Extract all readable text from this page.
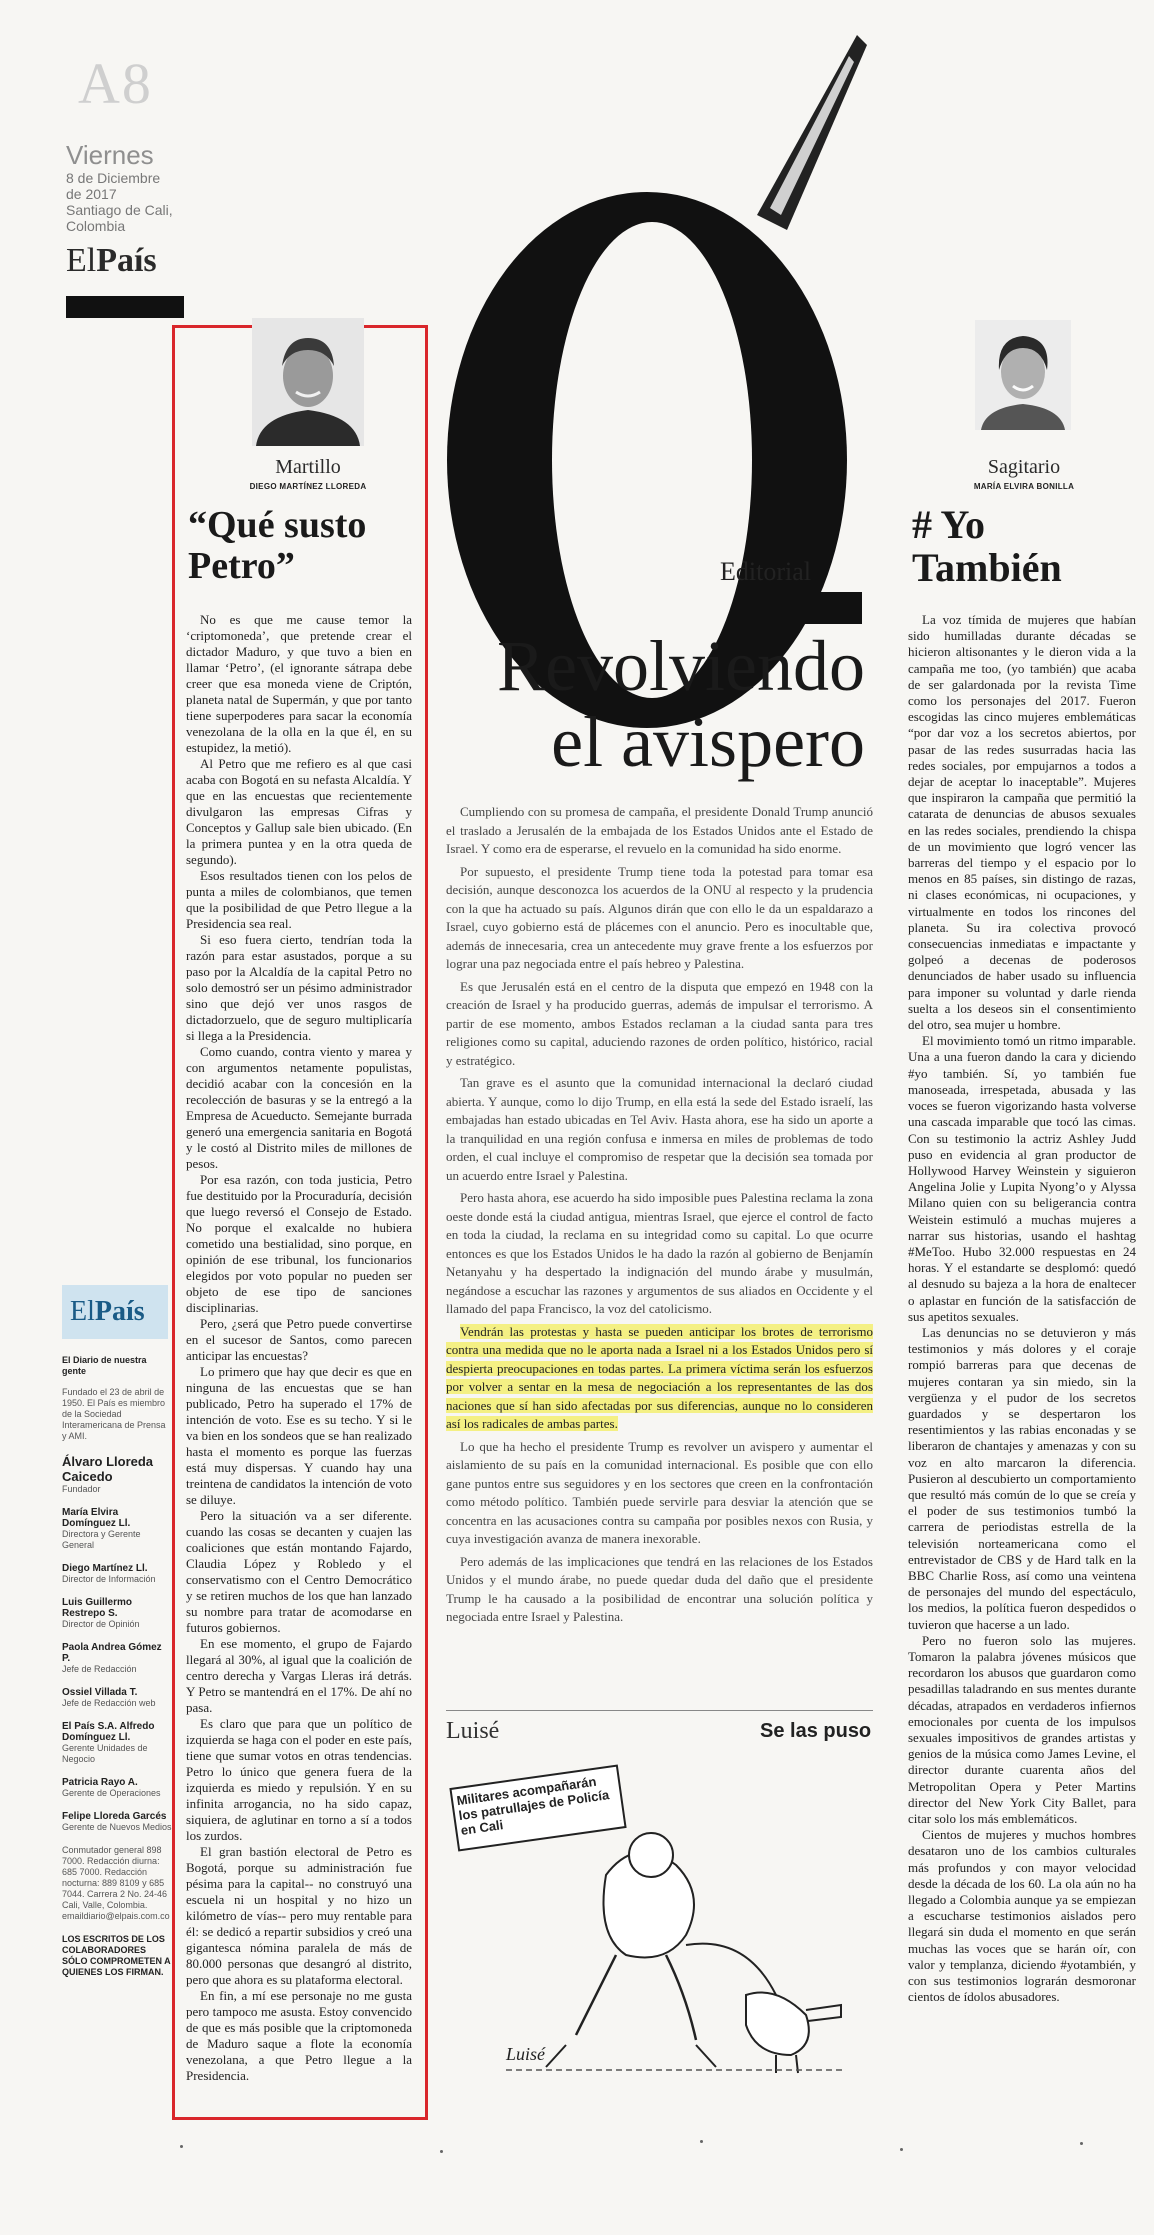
A8
Viernes
8 de Diciembre
de 2017
Santiago de Cali,
Colombia
ElPaís
ElPaís
El Diario de nuestra gente
Fundado el 23 de abril de 1950. El País es miembro de la Sociedad Interamericana de Prensa y AMI.
Álvaro Lloreda Caicedo
Fundador
María Elvira Domínguez Ll.
Directora y Gerente General
Diego Martínez Ll.
Director de Información
Luis Guillermo Restrepo S.
Director de Opinión
Paola Andrea Gómez P.
Jefe de Redacción
Ossiel Villada T.
Jefe de Redacción web
El País S.A. Alfredo Domínguez Ll.
Gerente Unidades de Negocio
Patricia Rayo A.
Gerente de Operaciones
Felipe Lloreda Garcés
Gerente de Nuevos Medios
Conmutador general 898 7000. Redacción diurna: 685 7000. Redacción nocturna: 889 8109 y 685 7044. Carrera 2 No. 24-46 Cali, Valle, Colombia. emaildiario@elpais.com.co
LOS ESCRITOS DE LOS COLABORADORES SÓLO COMPROMETEN A QUIENES LOS FIRMAN.
Martillo
DIEGO MARTÍNEZ LLOREDA
“Qué susto Petro”

No es que me cause temor la ‘criptomoneda’, que pretende crear el dictador Maduro, y que tuvo a bien en llamar ‘Petro’, (el ignorante sátrapa debe creer que esa moneda viene de Criptón, planeta natal de Supermán, y que por tanto tiene superpoderes para sacar la economía venezolana de la olla en la que él, en su estupidez, la metió).

Al Petro que me refiero es al que casi acaba con Bogotá en su nefasta Alcaldía. Y que en las encuestas que recientemente divulgaron las empresas Cifras y Conceptos y Gallup sale bien ubicado. (En la primera puntea y en la otra queda de segundo).

Esos resultados tienen con los pelos de punta a miles de colombianos, que temen que la posibilidad de que Petro llegue a la Presidencia sea real.

Si eso fuera cierto, tendrían toda la razón para estar asustados, porque a su paso por la Alcaldía de la capital Petro no solo demostró ser un pésimo administrador sino que dejó ver unos rasgos de dictadorzuelo, que de seguro multiplicaría si llega a la Presidencia.

Como cuando, contra viento y marea y con argumentos netamente populistas, decidió acabar con la concesión en la recolección de basuras y se la entregó a la Empresa de Acueducto. Semejante burrada generó una emergencia sanitaria en Bogotá y le costó al Distrito miles de millones de pesos.

Por esa razón, con toda justicia, Petro fue destituido por la Procuraduría, decisión que luego reversó el Consejo de Estado. No porque el exalcalde no hubiera cometido una bestialidad, sino porque, en opinión de ese tribunal, los funcionarios elegidos por voto popular no pueden ser objeto de ese tipo de sanciones disciplinarias.

Pero, ¿será que Petro puede convertirse en el sucesor de Santos, como parecen anticipar las encuestas?

Lo primero que hay que decir es que en ninguna de las encuestas que se han publicado, Petro ha superado el 17% de intención de voto. Ese es su techo. Y si le va bien en los sondeos que se han realizado hasta el momento es porque las fuerzas está muy dispersas. Y cuando hay una treintena de candidatos la intención de voto se diluye.

Pero la situación va a ser diferente. cuando las cosas se decanten y cuajen las coaliciones que están montando Fajardo, Claudia López y Robledo y el conservatismo con el Centro Democrático y se retiren muchos de los que han lanzado su nombre para tratar de acomodarse en futuros gobiernos.

En ese momento, el grupo de Fajardo llegará al 30%, al igual que la coalición de centro derecha y Vargas Lleras irá detrás. Y Petro se mantendrá en el 17%. De ahí no pasa.

Es claro que para que un político de izquierda se haga con el poder en este país, tiene que sumar votos en otras tendencias. Petro lo único que genera fuera de la izquierda es miedo y repulsión. Y en su infinita arrogancia, no ha sido capaz, siquiera, de aglutinar en torno a sí a todos los zurdos.

El gran bastión electoral de Petro es Bogotá, porque su administración fue pésima para la capital-- no construyó una escuela ni un hospital y no hizo un kilómetro de vías-- pero muy rentable para él: se dedicó a repartir subsidios y creó una gigantesca nómina paralela de más de 80.000 personas que desangró al distrito, pero que ahora es su plataforma electoral.

En fin, a mí ese personaje no me gusta pero tampoco me asusta. Estoy convencido de que es más posible que la criptomoneda de Maduro saque a flote la economía venezolana, a que Petro llegue a la Presidencia.

Editorial
Revolviendo
el avispero

Cumpliendo con su promesa de campaña, el presidente Donald Trump anunció el traslado a Jerusalén de la embajada de los Estados Unidos ante el Estado de Israel. Y como era de esperarse, el revuelo en la comunidad ha sido enorme.

Por supuesto, el presidente Trump tiene toda la potestad para tomar esa decisión, aunque desconozca los acuerdos de la ONU al respecto y la prudencia con la que ha actuado su país. Algunos dirán que con ello le da un espaldarazo a Israel, cuyo gobierno está de plácemes con el anuncio. Pero es inocultable que, además de innecesaria, crea un antecedente muy grave frente a los esfuerzos por lograr una paz negociada entre el país hebreo y Palestina.

Es que Jerusalén está en el centro de la disputa que empezó en 1948 con la creación de Israel y ha producido guerras, además de impulsar el terrorismo. A partir de ese momento, ambos Estados reclaman a la ciudad santa para tres religiones como su capital, aduciendo razones de orden político, histórico, racial y estratégico.

Tan grave es el asunto que la comunidad internacional la declaró ciudad abierta. Y aunque, como lo dijo Trump, en ella está la sede del Estado israelí, las embajadas han estado ubicadas en Tel Aviv. Hasta ahora, ese ha sido un aporte a la tranquilidad en una región confusa e inmersa en miles de problemas de todo orden, el cual incluye el compromiso de respetar que la decisión sea tomada por un acuerdo entre Israel y Palestina.

Pero hasta ahora, ese acuerdo ha sido imposible pues Palestina reclama la zona oeste donde está la ciudad antigua, mientras Israel, que ejerce el control de facto en toda la ciudad, la reclama en su integridad como su capital. Lo que ocurre entonces es que los Estados Unidos le ha dado la razón al gobierno de Benjamín Netanyahu y ha despertado la indignación del mundo árabe y musulmán, negándose a escuchar las razones y argumentos de sus aliados en Occidente y el llamado del papa Francisco, la voz del catolicismo.

Vendrán las protestas y hasta se pueden anticipar los brotes de terrorismo contra una medida que no le aporta nada a Israel ni a los Estados Unidos pero sí despierta preocupaciones en todas partes. La primera víctima serán los esfuerzos por volver a sentar en la mesa de negociación a los representantes de las dos naciones que sí han sido afectadas por sus diferencias, aunque no lo consideren así los radicales de ambas partes.

Lo que ha hecho el presidente Trump es revolver un avispero y aumentar el aislamiento de su país en la comunidad internacional. Es posible que con ello gane puntos entre sus seguidores y en los sectores que creen en la confrontación como método político. También puede servirle para desviar la atención que se concentra en las acusaciones contra su campaña por posibles nexos con Rusia, y cuya investigación avanza de manera inexorable.

Pero además de las implicaciones que tendrá en las relaciones de los Estados Unidos y el mundo árabe, no puede quedar duda del daño que el presidente Trump le ha causado a la posibilidad de encontrar una solución política y negociada entre Israel y Palestina.

Luisé	Se las puso
Luisé
Militares acompañarán los patrullajes de Policía en Cali
Sagitario
MARÍA ELVIRA BONILLA
# Yo
También

La voz tímida de mujeres que habían sido humilladas durante décadas se hicieron altisonantes y le dieron vida a la campaña me too, (yo también) que acaba de ser galardonada por la revista Time como los personajes del 2017. Fueron escogidas las cinco mujeres emblemáticas “por dar voz a los secretos abiertos, por pasar de las redes susurradas hacia las redes sociales, por empujarnos a todos a dejar de aceptar lo inaceptable”. Mujeres que inspiraron la campaña que permitió la catarata de denuncias de abusos sexuales en las redes sociales, prendiendo la chispa de un movimiento que logró vencer las barreras del tiempo y el espacio por lo menos en 85 países, sin distingo de razas, ni clases económicas, ni ocupaciones, y virtualmente en todos los rincones del planeta. Su ira colectiva provocó consecuencias inmediatas e impactante y golpeó a decenas de poderosos denunciados de haber usado su influencia para imponer su voluntad y darle rienda suelta a los deseos sin el consentimiento del otro, sea mujer u hombre.

El movimiento tomó un ritmo imparable. Una a una fueron dando la cara y diciendo #yo también. Sí, yo también fue manoseada, irrespetada, abusada y las voces se fueron vigorizando hasta volverse una cascada imparable que tocó las cimas. Con su testimonio la actriz Ashley Judd puso en evidencia al gran productor de Hollywood Harvey Weinstein y siguieron Angelina Jolie y Lupita Nyong’o y Alyssa Milano quien con su beligerancia contra Weistein estimuló a muchas mujeres a narrar sus historias, usando el hashtag #MeToo. Hubo 32.000 respuestas en 24 horas. Y el estandarte se desplomó: quedó al desnudo su bajeza a la hora de enaltecer o aplastar en función de la satisfacción de sus apetitos sexuales.

Las denuncias no se detuvieron y más testimonios y más dolores y el coraje rompió barreras para que decenas de mujeres contaran ya sin miedo, sin la vergüenza y el pudor de los secretos guardados y se despertaron los resentimientos y las rabias enconadas y se liberaron de chantajes y amenazas y con su voz en alto marcaron la diferencia. Pusieron al descubierto un comportamiento que resultó más común de lo que se creía y el poder de sus testimonios tumbó la carrera de periodistas estrella de la televisión norteamericana como el entrevistador de CBS y de Hard talk en la BBC Charlie Ross, así como una veintena de personajes del mundo del espectáculo, los medios, la política fueron despedidos o tuvieron que hacerse a un lado.

Pero no fueron solo las mujeres. Tomaron la palabra jóvenes músicos que recordaron los abusos que guardaron como pesadillas taladrando en sus mentes durante décadas, atrapados en verdaderos infiernos emocionales por cuenta de los impulsos sexuales impositivos de grandes artistas y genios de la música como James Levine, el director durante cuarenta años del Metropolitan Opera y Peter Martins director del New York City Ballet, para citar solo los más emblemáticos.

Cientos de mujeres y muchos hombres desataron uno de los cambios culturales más profundos y con mayor velocidad desde la década de los 60. La ola aún no ha llegado a Colombia aunque ya se empiezan a escucharse testimonios aislados pero llegará sin duda el momento en que serán muchas las voces que se harán oír, con valor y templanza, diciendo #yotambién, y con sus testimonios lograrán desmoronar cientos de ídolos abusadores.
